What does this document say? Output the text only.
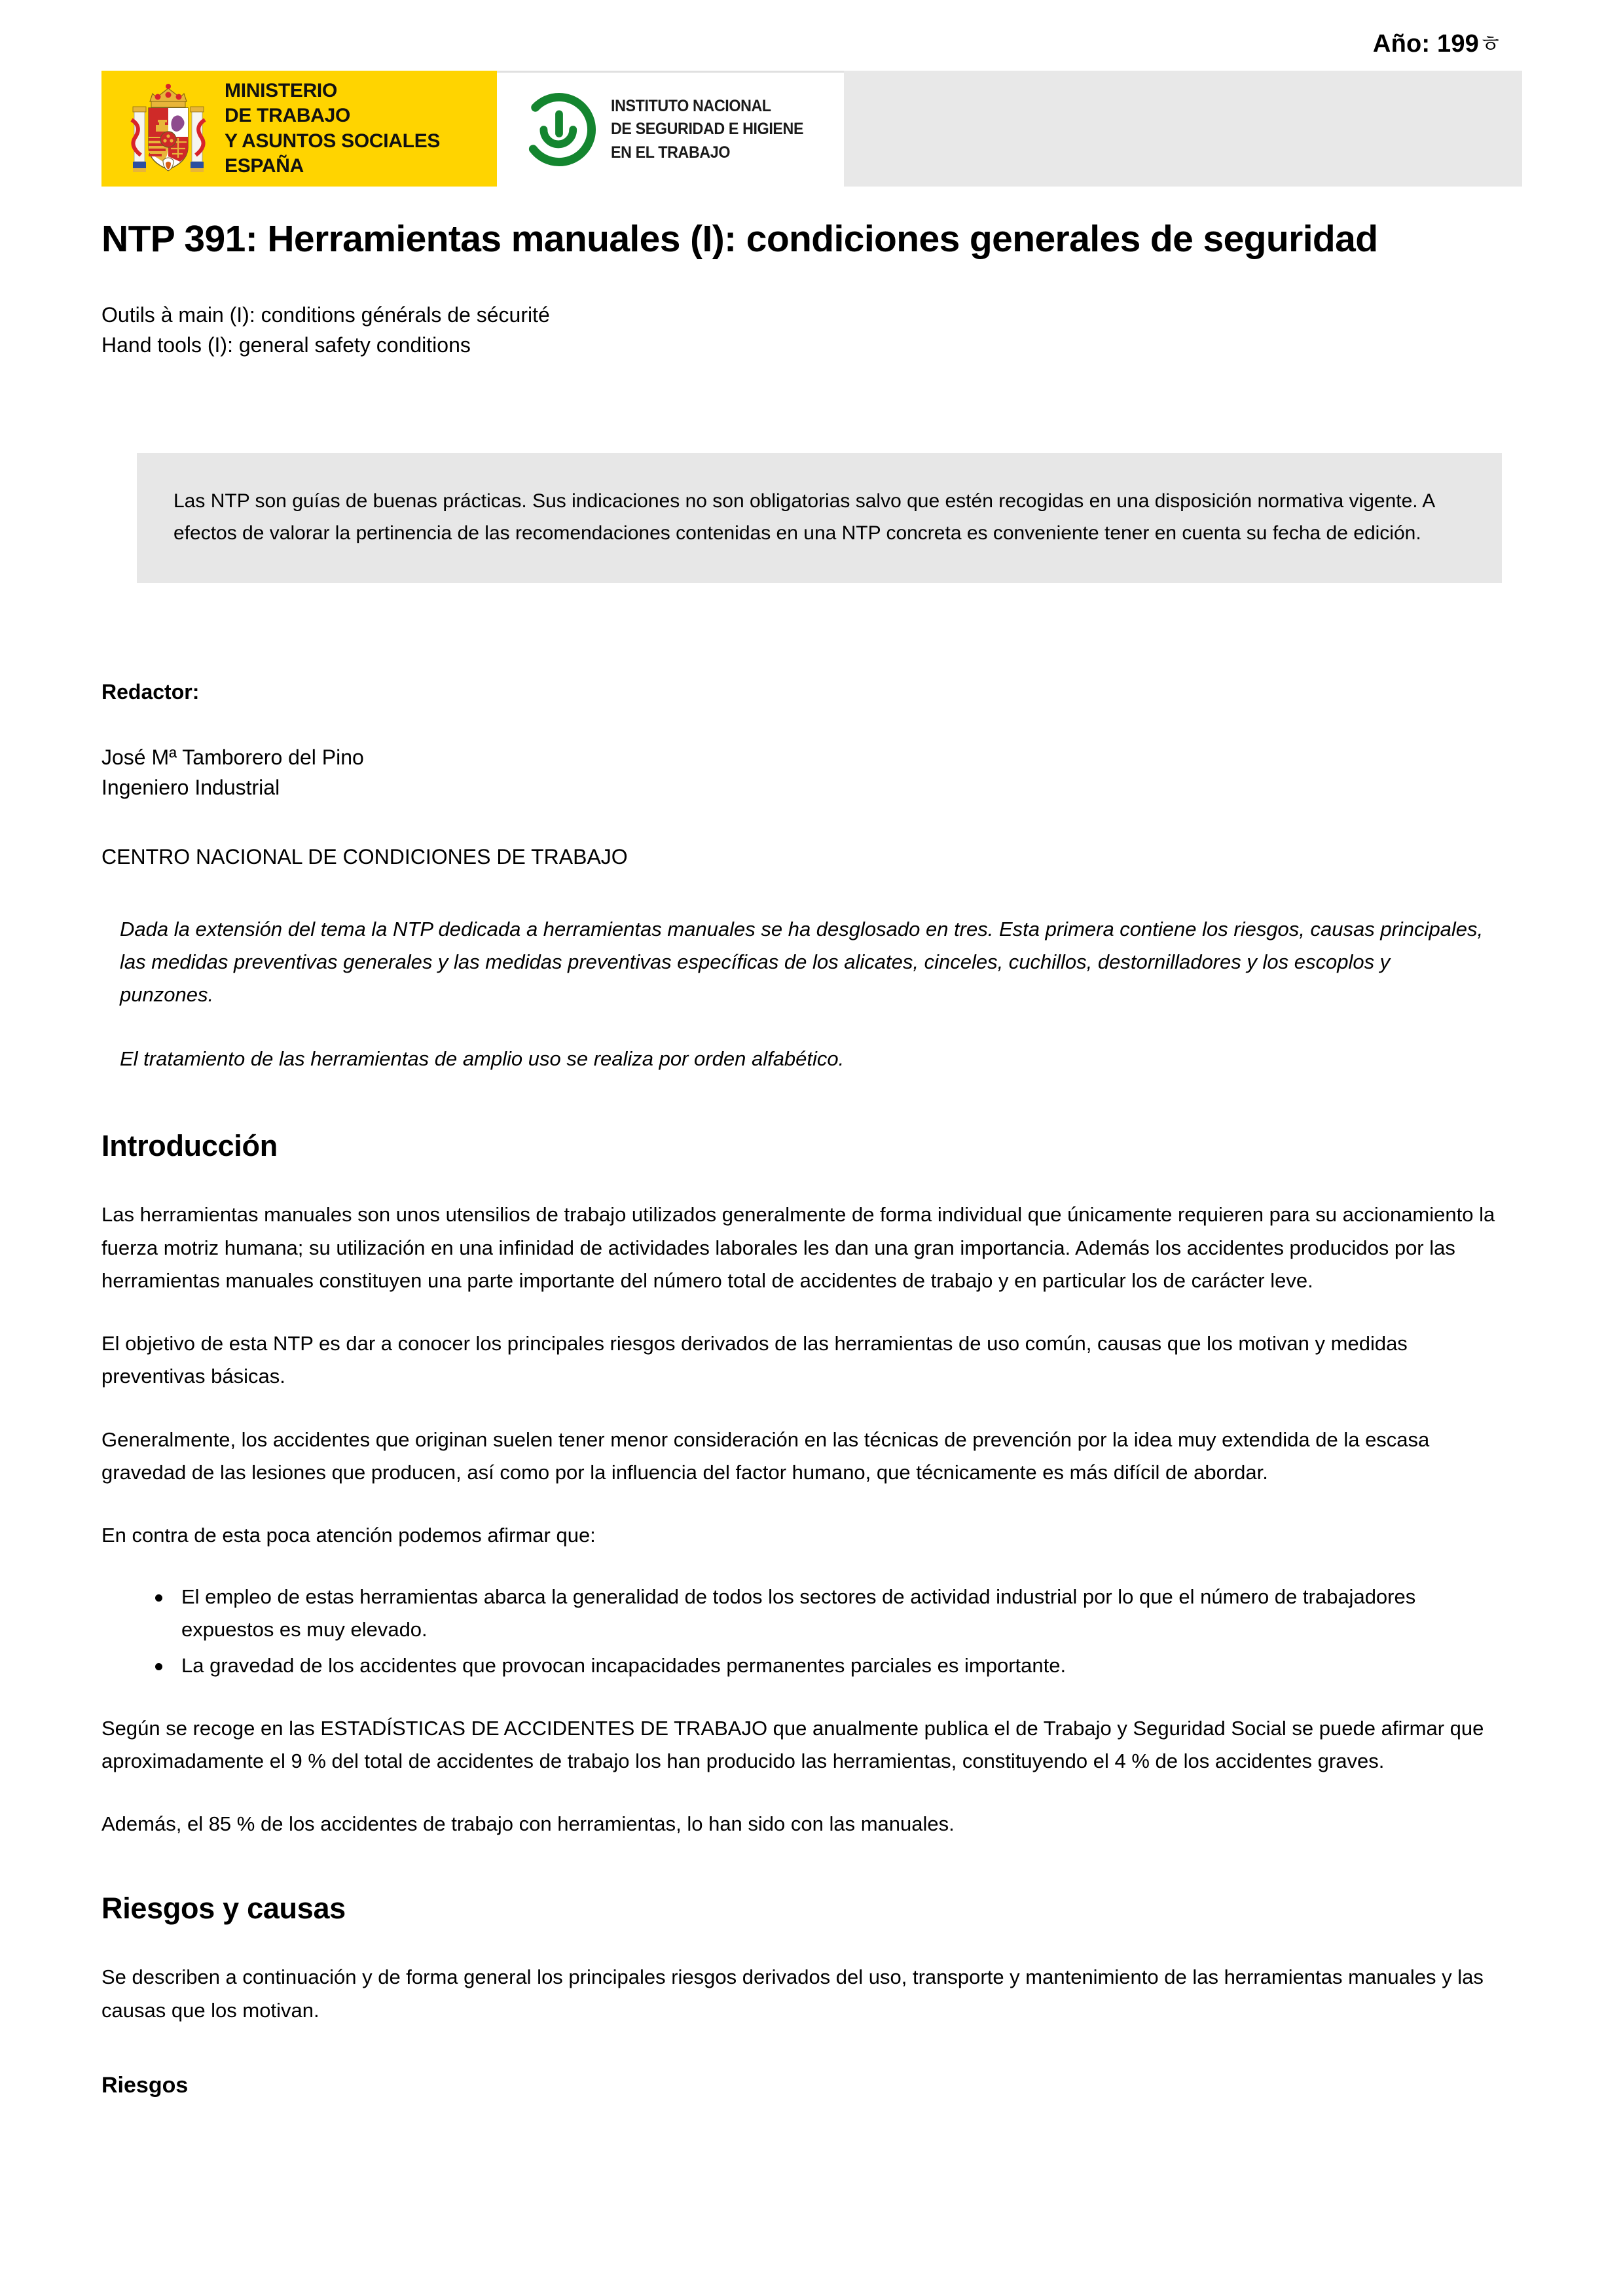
Año: 199ㅎ
MINISTERIO
DE TRABAJO
Y ASUNTOS SOCIALES
ESPAÑA
INSTITUTO NACIONAL
DE SEGURIDAD E HIGIENE
EN EL TRABAJO
NTP 391: Herramientas manuales (I): condiciones generales de seguridad
Outils à main (I): conditions générals de sécurité
Hand tools (I): general safety conditions
Las NTP son guías de buenas prácticas. Sus indicaciones no son obligatorias salvo que estén recogidas en una disposición normativa vigente. A efectos de valorar la pertinencia de las recomendaciones contenidas en una NTP concreta es conveniente tener en cuenta su fecha de edición.
Redactor:
José Mª Tamborero del Pino
Ingeniero Industrial
CENTRO NACIONAL DE CONDICIONES DE TRABAJO
Dada la extensión del tema la NTP dedicada a herramientas manuales se ha desglosado en tres. Esta primera contiene los riesgos, causas principales, las medidas preventivas generales y las medidas preventivas específicas de los alicates, cinceles, cuchillos, destornilladores y los escoplos y punzones.
El tratamiento de las herramientas de amplio uso se realiza por orden alfabético.
Introducción

Las herramientas manuales son unos utensilios de trabajo utilizados generalmente de forma individual que únicamente requieren para su accionamiento la fuerza motriz humana; su utilización en una infinidad de actividades laborales les dan una gran importancia. Además los accidentes producidos por las herramientas manuales constituyen una parte importante del número total de accidentes de trabajo y en particular los de carácter leve.

El objetivo de esta NTP es dar a conocer los principales riesgos derivados de las herramientas de uso común, causas que los motivan y medidas preventivas básicas.

Generalmente, los accidentes que originan suelen tener menor consideración en las técnicas de prevención por la idea muy extendida de la escasa gravedad de las lesiones que producen, así como por la influencia del factor humano, que técnicamente es más difícil de abordar.

En contra de esta poca atención podemos afirmar que:

El empleo de estas herramientas abarca la generalidad de todos los sectores de actividad industrial por lo que el número de trabajadores expuestos es muy elevado.
La gravedad de los accidentes que provocan incapacidades permanentes parciales es importante.

Según se recoge en las ESTADÍSTICAS DE ACCIDENTES DE TRABAJO que anualmente publica el de Trabajo y Seguridad Social se puede afirmar que aproximadamente el 9 % del total de accidentes de trabajo los han producido las herramientas, constituyendo el 4 % de los accidentes graves.

Además, el 85 % de los accidentes de trabajo con herramientas, lo han sido con las manuales.

Riesgos y causas

Se describen a continuación y de forma general los principales riesgos derivados del uso, transporte y mantenimiento de las herramientas manuales y las causas que los motivan.

Riesgos
